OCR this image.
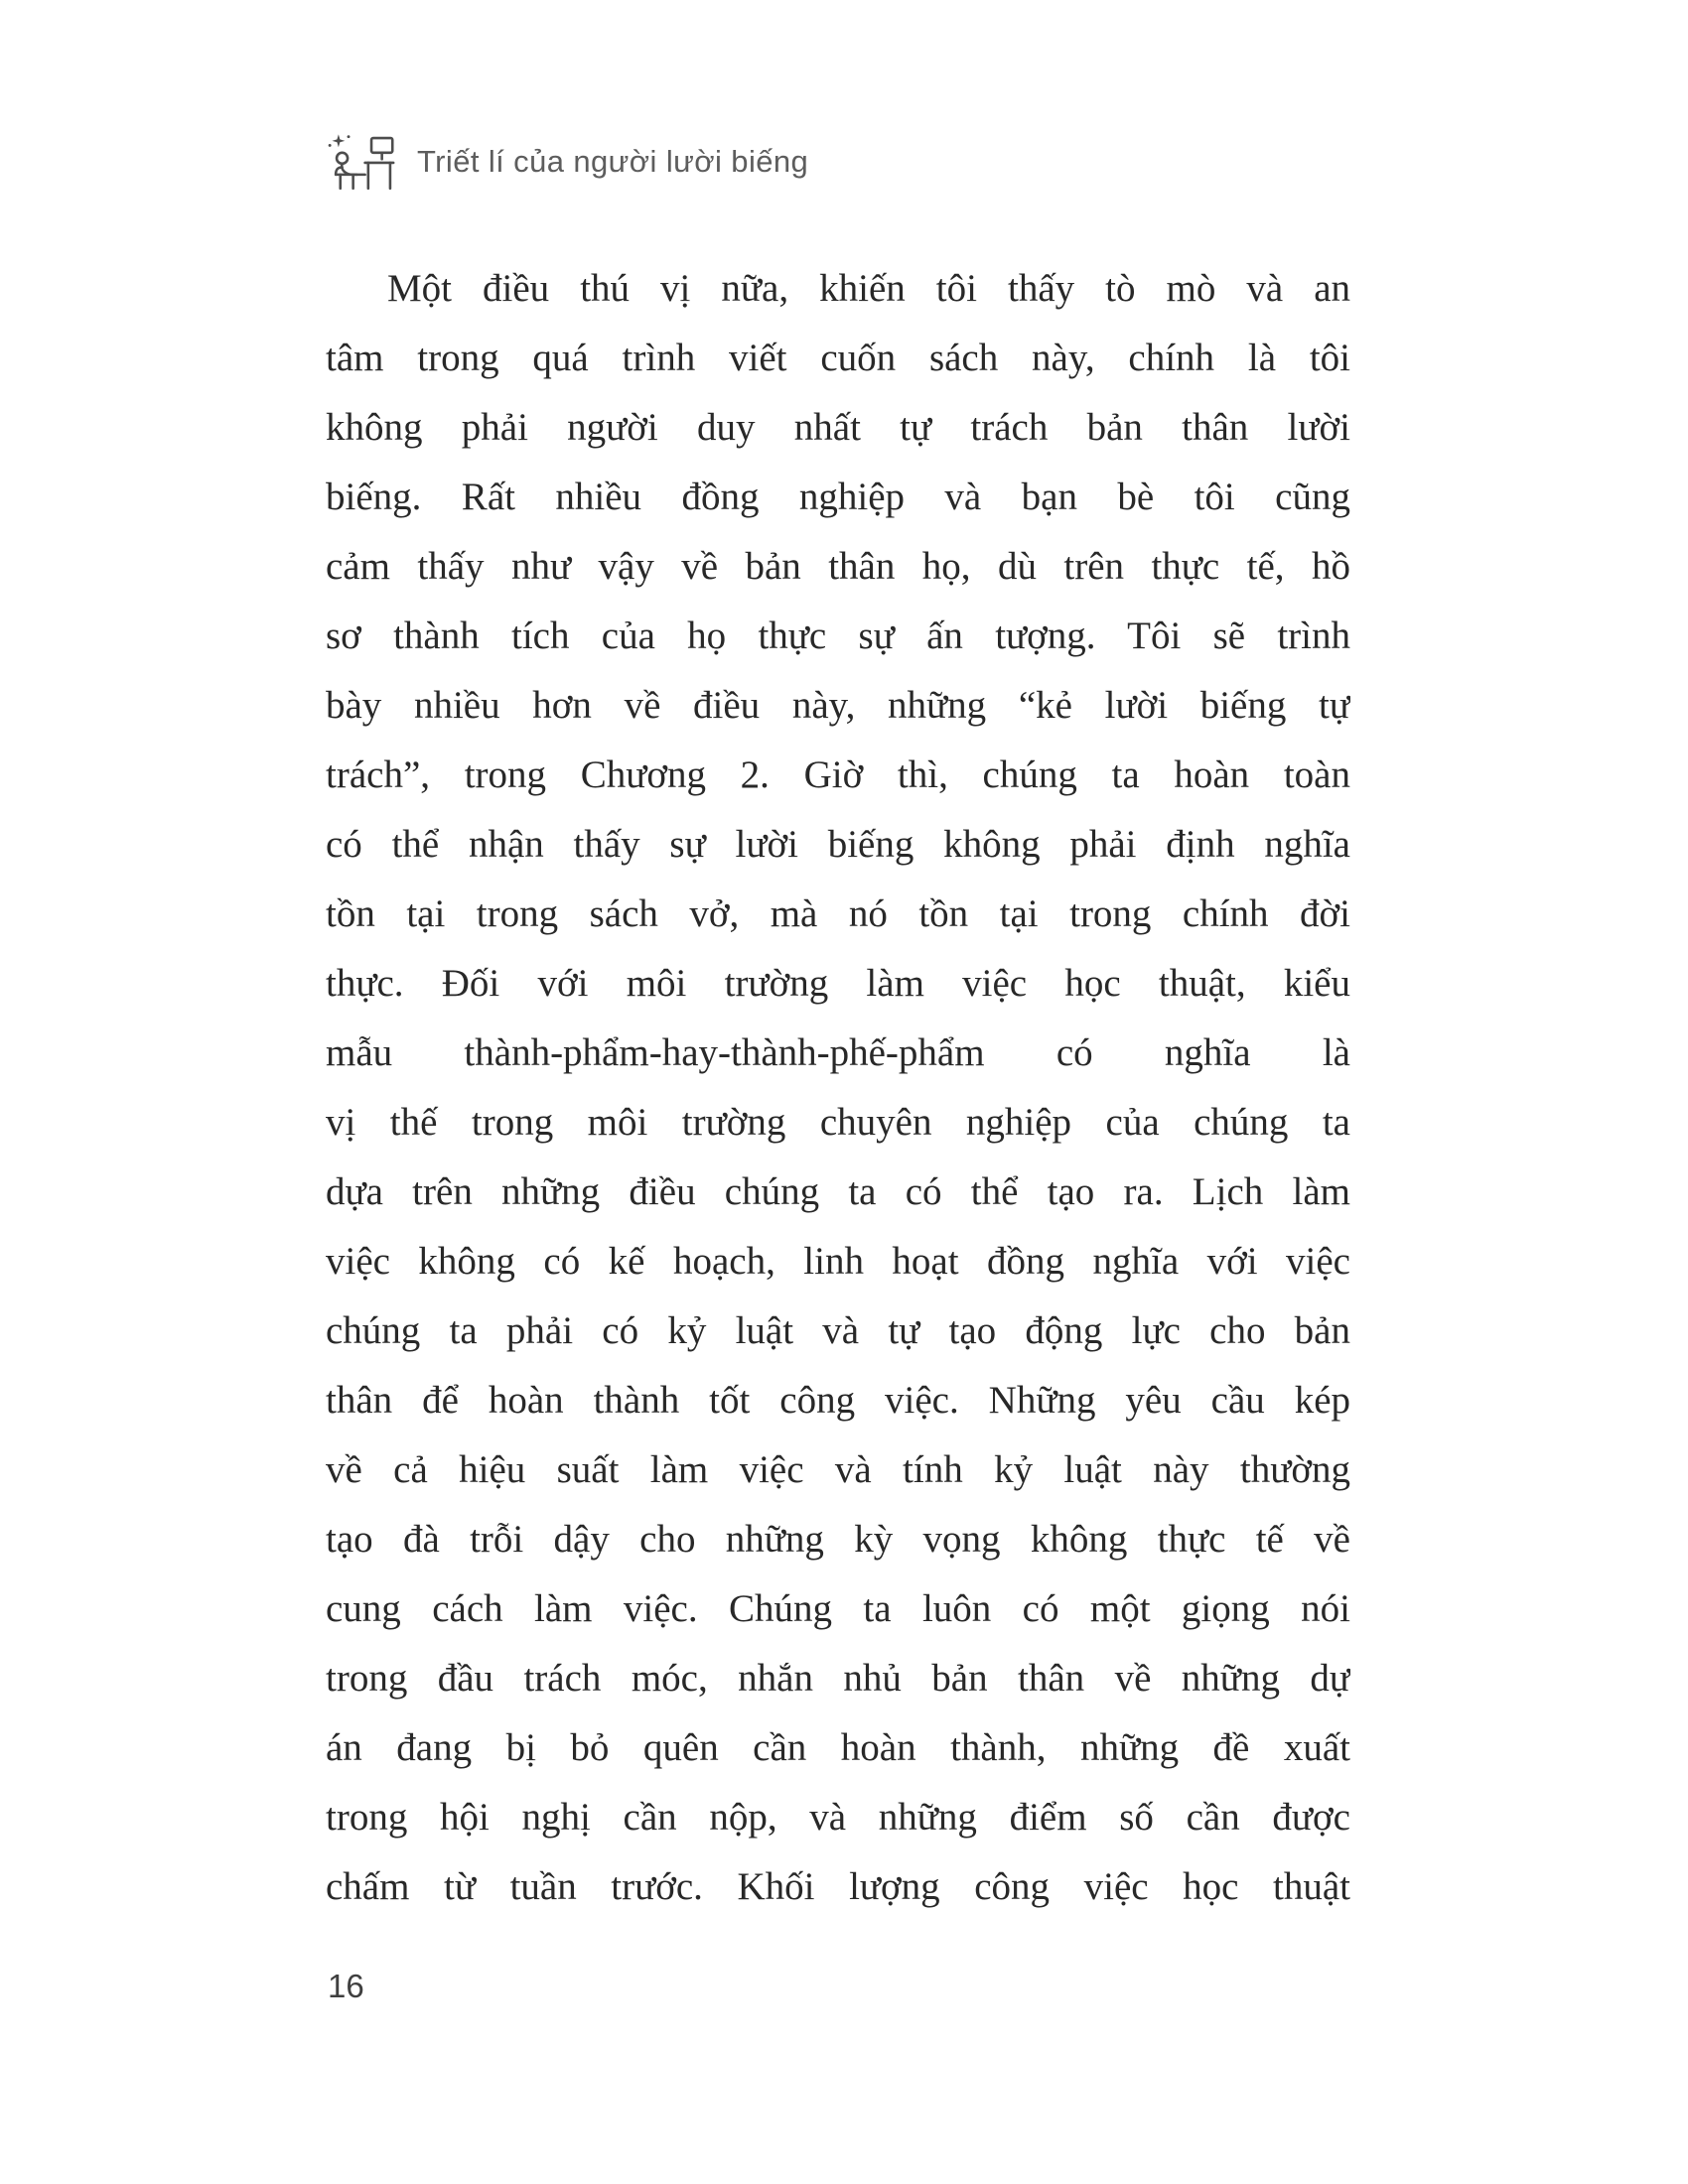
Triết lí của người lười biếng
Một điều thú vị nữa, khiến tôi thấy tò mò và an
tâm trong quá trình viết cuốn sách này, chính là tôi
không phải người duy nhất tự trách bản thân lười
biếng. Rất nhiều đồng nghiệp và bạn bè tôi cũng
cảm thấy như vậy về bản thân họ, dù trên thực tế, hồ
sơ thành tích của họ thực sự ấn tượng. Tôi sẽ trình
bày nhiều hơn về điều này, những “kẻ lười biếng tự
trách”, trong Chương 2. Giờ thì, chúng ta hoàn toàn
có thể nhận thấy sự lười biếng không phải định nghĩa
tồn tại trong sách vở, mà nó tồn tại trong chính đời
thực. Đối với môi trường làm việc học thuật, kiểu
mẫu thành-phẩm-hay-thành-phế-phẩm có nghĩa là
vị thế trong môi trường chuyên nghiệp của chúng ta
dựa trên những điều chúng ta có thể tạo ra. Lịch làm
việc không có kế hoạch, linh hoạt đồng nghĩa với việc
chúng ta phải có kỷ luật và tự tạo động lực cho bản
thân để hoàn thành tốt công việc. Những yêu cầu kép
về cả hiệu suất làm việc và tính kỷ luật này thường
tạo đà trỗi dậy cho những kỳ vọng không thực tế về
cung cách làm việc. Chúng ta luôn có một giọng nói
trong đầu trách móc, nhắn nhủ bản thân về những dự
án đang bị bỏ quên cần hoàn thành, những đề xuất
trong hội nghị cần nộp, và những điểm số cần được
chấm từ tuần trước. Khối lượng công việc học thuật
16
